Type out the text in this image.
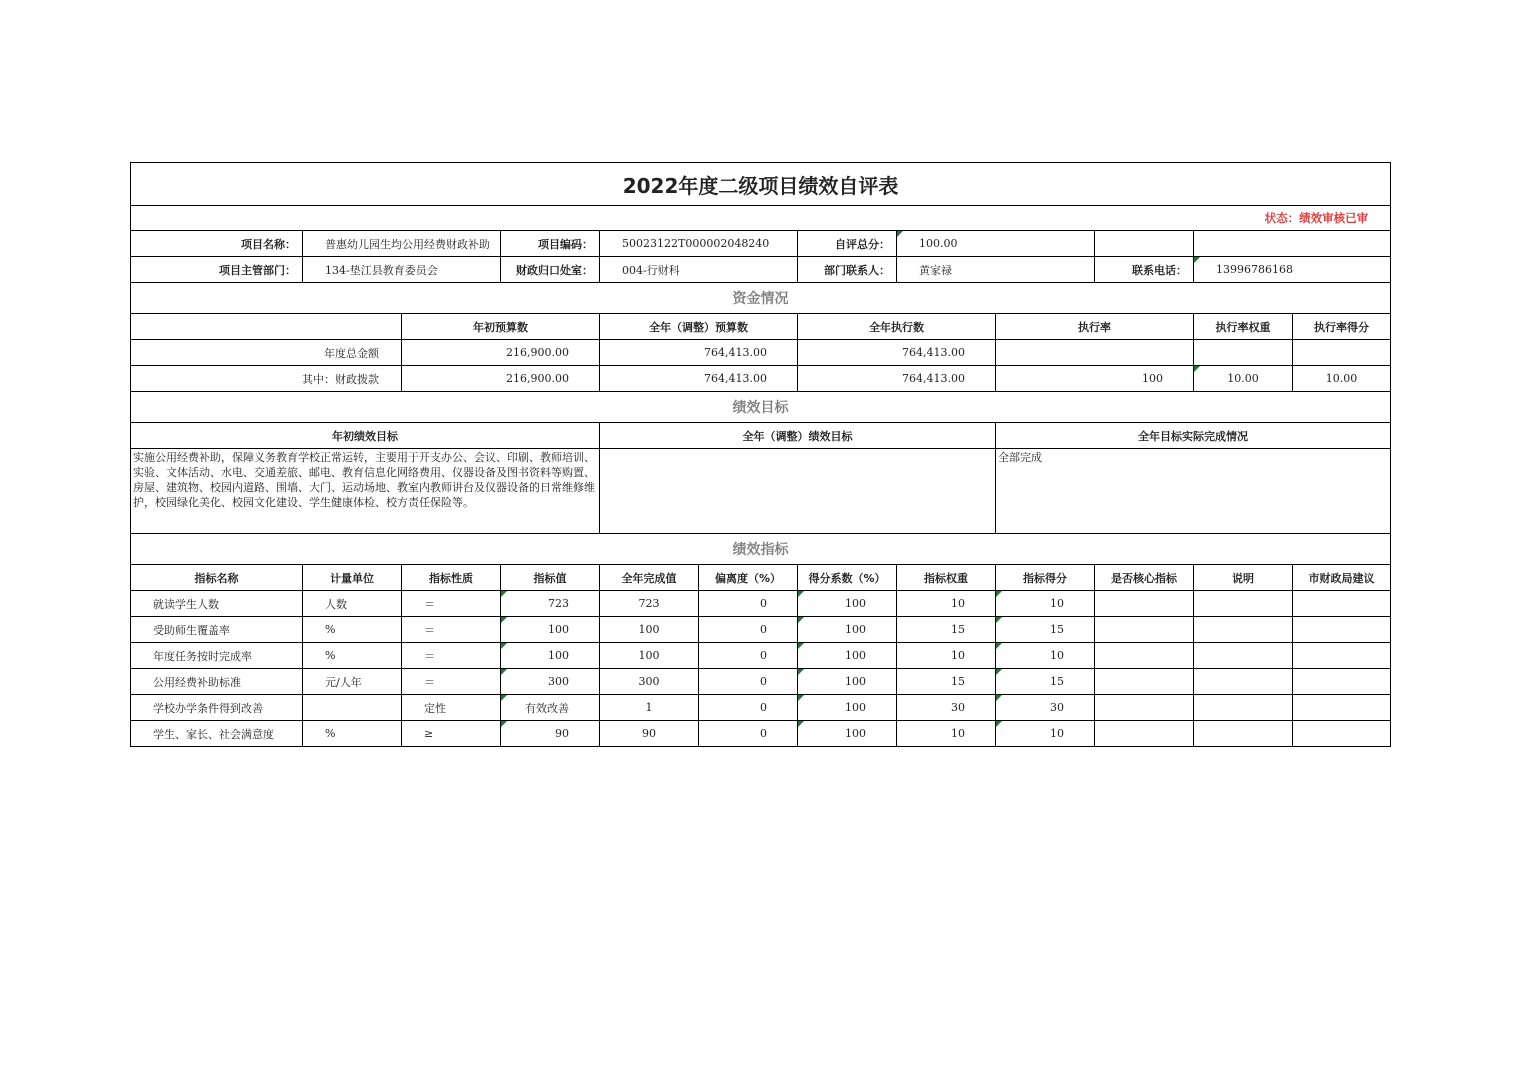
2022年度二级项目绩效自评表											
状态：绩效审核已审											
项目名称：	普惠幼儿园生均公用经费财政补助		项目编码：	50023122T000002048240		自评总分：	100.00				
项目主管部门：	134-垫江县教育委员会		财政归口处室：	004-行财科		部门联系人：	黄家禄		联系电话：	13996786168	
资金情况											
		年初预算数		全年（调整）预算数		全年执行数		执行率		执行率权重	执行率得分
年度总金额		216,900.00		764,413.00		764,413.00					
其中：财政拨款		216,900.00		764,413.00		764,413.00		100		10.00	10.00
绩效目标											
年初绩效目标				全年（调整）绩效目标				全年目标实际完成情况			
实施公用经费补助，保障义务教育学校正常运转，主要用于开支办公、会议、印刷、教师培训、实验、文体活动、水电、交通差旅、邮电、教育信息化网络费用、仪器设备及图书资料等购置、房屋、建筑物、校园内道路、围墙、大门、运动场地、教室内教师讲台及仪器设备的日常维修维护，校园绿化美化、校园文化建设、学生健康体检、校方责任保险等。								全部完成			
绩效指标											
指标名称	计量单位	指标性质	指标值	全年完成值	偏离度（%）	得分系数（%）	指标权重	指标得分	是否核心指标	说明	市财政局建议
就读学生人数	人数	＝	723	723	0	100	10	10			
受助师生覆盖率	%	＝	100	100	0	100	15	15			
年度任务按时完成率	%	＝	100	100	0	100	10	10			
公用经费补助标准	元/人年	＝	300	300	0	100	15	15			
学校办学条件得到改善		定性	有效改善	1	0	100	30	30			
学生、家长、社会满意度	%	≥	90	90	0	100	10	10			
